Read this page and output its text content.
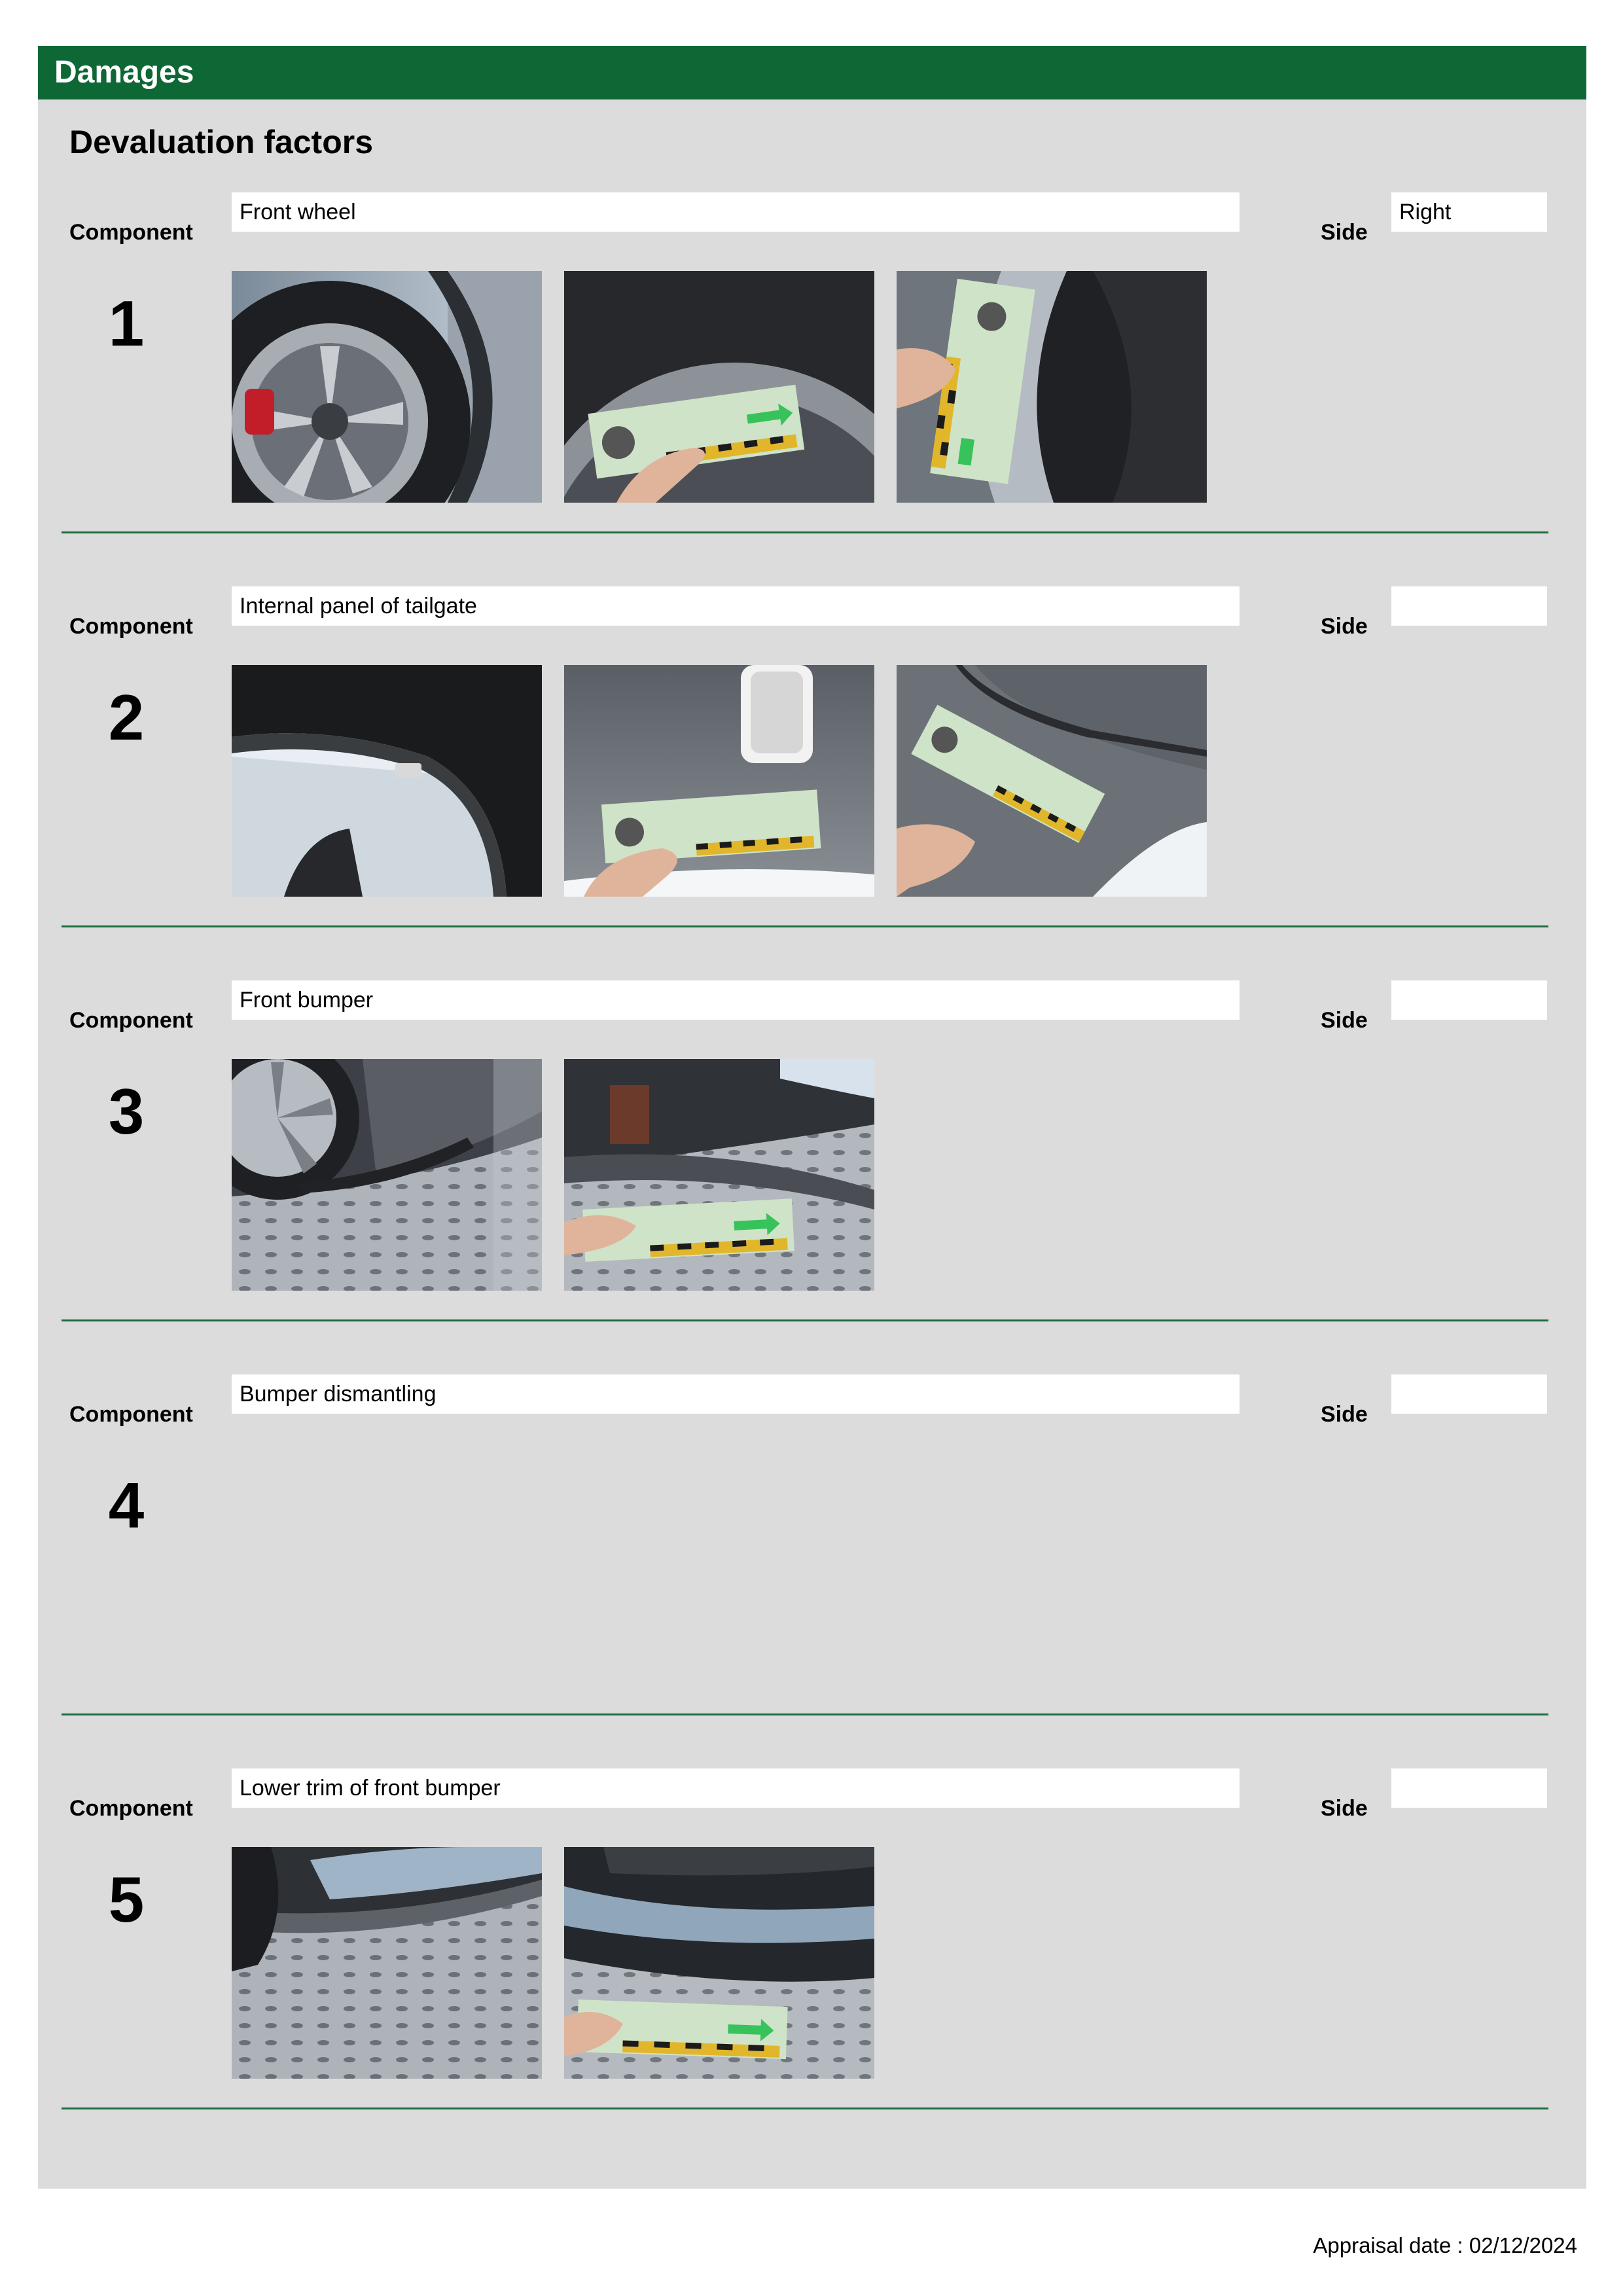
Damages
Devaluation factors
Component
Front wheel
Side
Right
1
Component
Internal panel of tailgate
Side
2
Component
Front bumper
Side
3
Component
Bumper dismantling
Side
4
Component
Lower trim of front bumper
Side
5
Appraisal date : 02/12/2024
